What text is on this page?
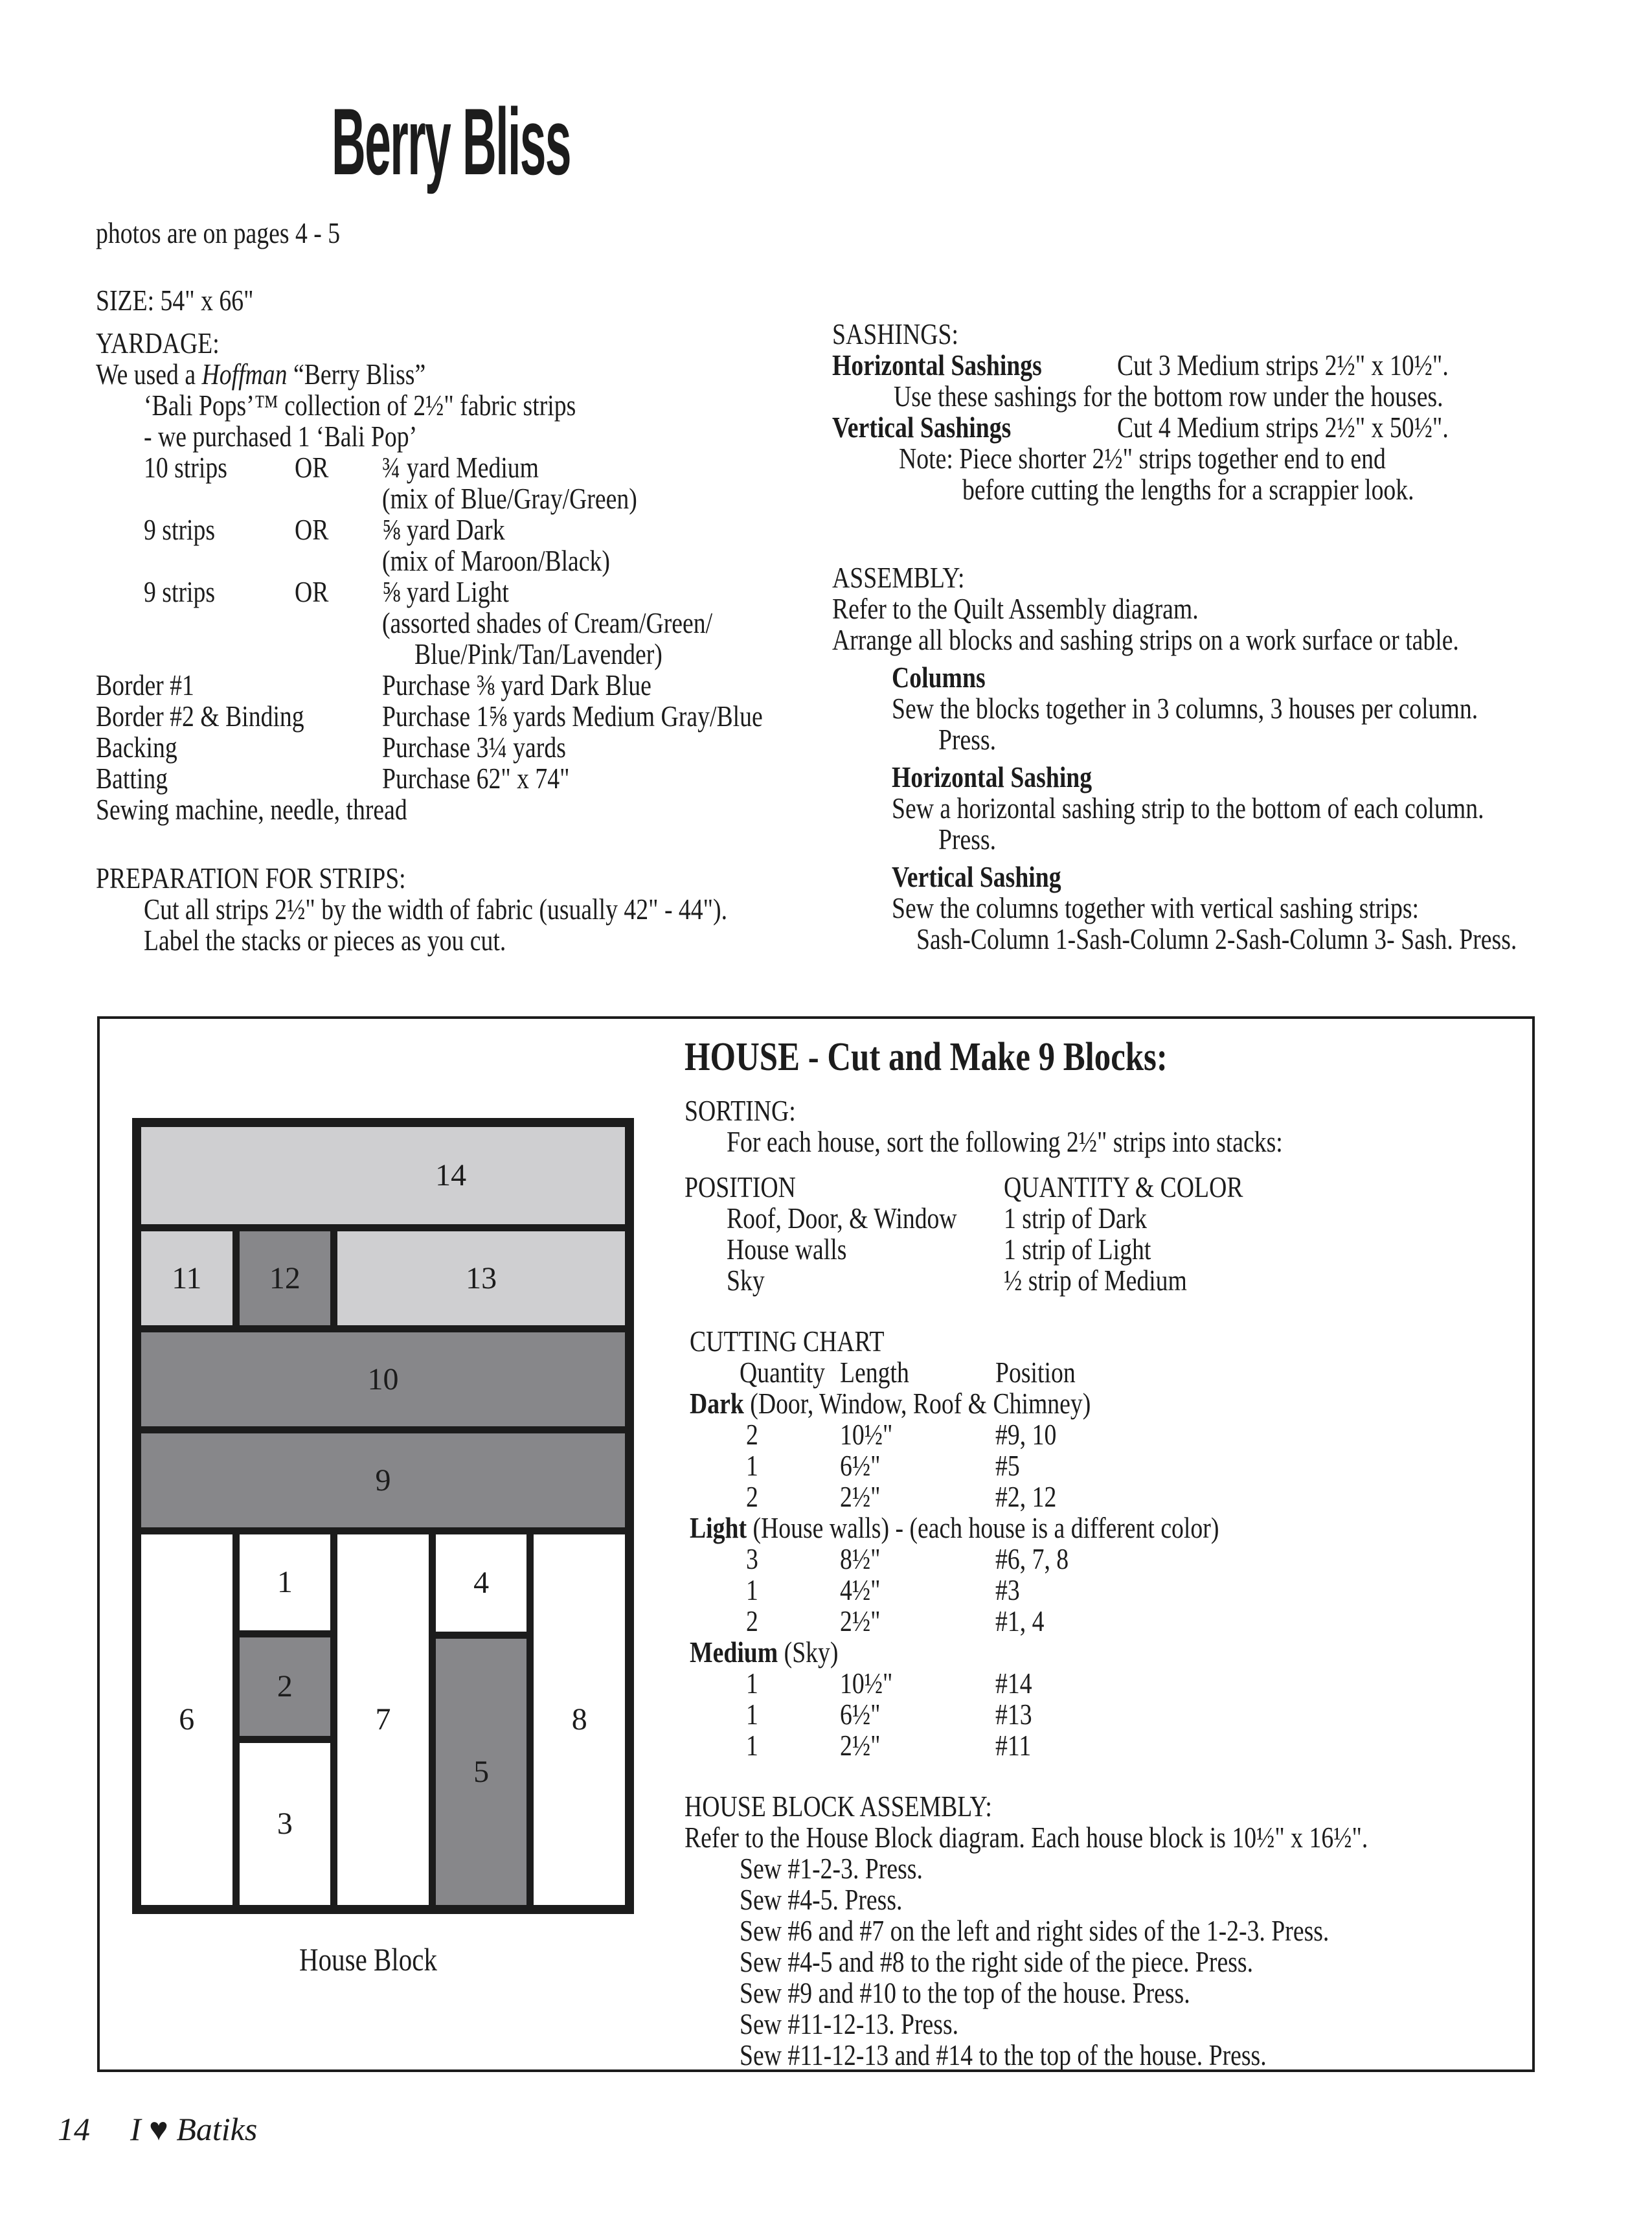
Berry Bliss
photos are on pages 4 - 5
SIZE: 54" x 66"
YARDAGE:
We used a Hoffman “Berry Bliss”
‘Bali Pops’™ collection of 2½" fabric strips
- we purchased 1 ‘Bali Pop’
10 strips	OR	¾ yard Medium
(mix of Blue/Gray/Green)
9 strips	OR	⅝ yard Dark
(mix of Maroon/Black)
9 strips	OR	⅝ yard Light
(assorted shades of Cream/Green/
Blue/Pink/Tan/Lavender)
Border #1	Purchase ⅜ yard Dark Blue
Border #2 & Binding	Purchase 1⅝ yards Medium Gray/Blue
Backing	Purchase 3¼ yards
Batting	Purchase 62" x 74"
Sewing machine, needle, thread
PREPARATION FOR STRIPS:
Cut all strips 2½" by the width of fabric (usually 42" - 44").
Label the stacks or pieces as you cut.
SASHINGS:
Horizontal Sashings	Cut 3 Medium strips 2½" x 10½".
Use these sashings for the bottom row under the houses.
Vertical Sashings	Cut 4 Medium strips 2½" x 50½".
Note: Piece shorter 2½" strips together end to end
before cutting the lengths for a scrappier look.
ASSEMBLY:
Refer to the Quilt Assembly diagram.
Arrange all blocks and sashing strips on a work surface or table.
Columns
Sew the blocks together in 3 columns, 3 houses per column.
Press.
Horizontal Sashing
Sew a horizontal sashing strip to the bottom of each column.
Press.
Vertical Sashing
Sew the columns together with vertical sashing strips:
Sash-Column 1-Sash-Column 2-Sash-Column 3- Sash. Press.
14
11 12	13
10
9
6
1
2
3
7
4
5
8
House Block
HOUSE - Cut and Make 9 Blocks:
SORTING:
For each house, sort the following 2½" strips into stacks:
POSITION	QUANTITY & COLOR
Roof, Door, & Window	1 strip of Dark
House walls	1 strip of Light
Sky	½ strip of Medium
CUTTING CHART
Quantity Length	Position
Dark (Door, Window, Roof & Chimney)
2	10½"	#9, 10
1	6½"	#5
2	2½"	#2, 12
Light (House walls) - (each house is a different color)
3	8½"	#6, 7, 8
1	4½"	#3
2	2½"	#1, 4
Medium (Sky)
1	10½"	#14
1	6½"	#13
1	2½"	#11
HOUSE BLOCK ASSEMBLY:
Refer to the House Block diagram. Each house block is 10½" x 16½".
Sew #1-2-3. Press.
Sew #4-5. Press.
Sew #6 and #7 on the left and right sides of the 1-2-3. Press.
Sew #4-5 and #8 to the right side of the piece. Press.
Sew #9 and #10 to the top of the house. Press.
Sew #11-12-13. Press.
Sew #11-12-13 and #14 to the top of the house. Press.
14 I ♥ Batiks
